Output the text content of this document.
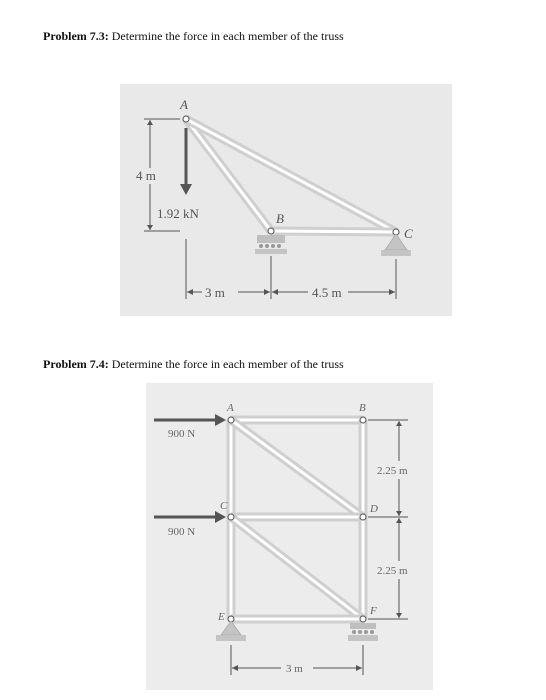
Problem 7.3: Determine the force in each member of the truss

1.92 kN
4 m
3 m	4.5 m
A
B
C

Problem 7.4: Determine the force in each member of the truss

900 N
900 N
2.25 m
2.25 m
3 m
A	B
C	D
E	F
